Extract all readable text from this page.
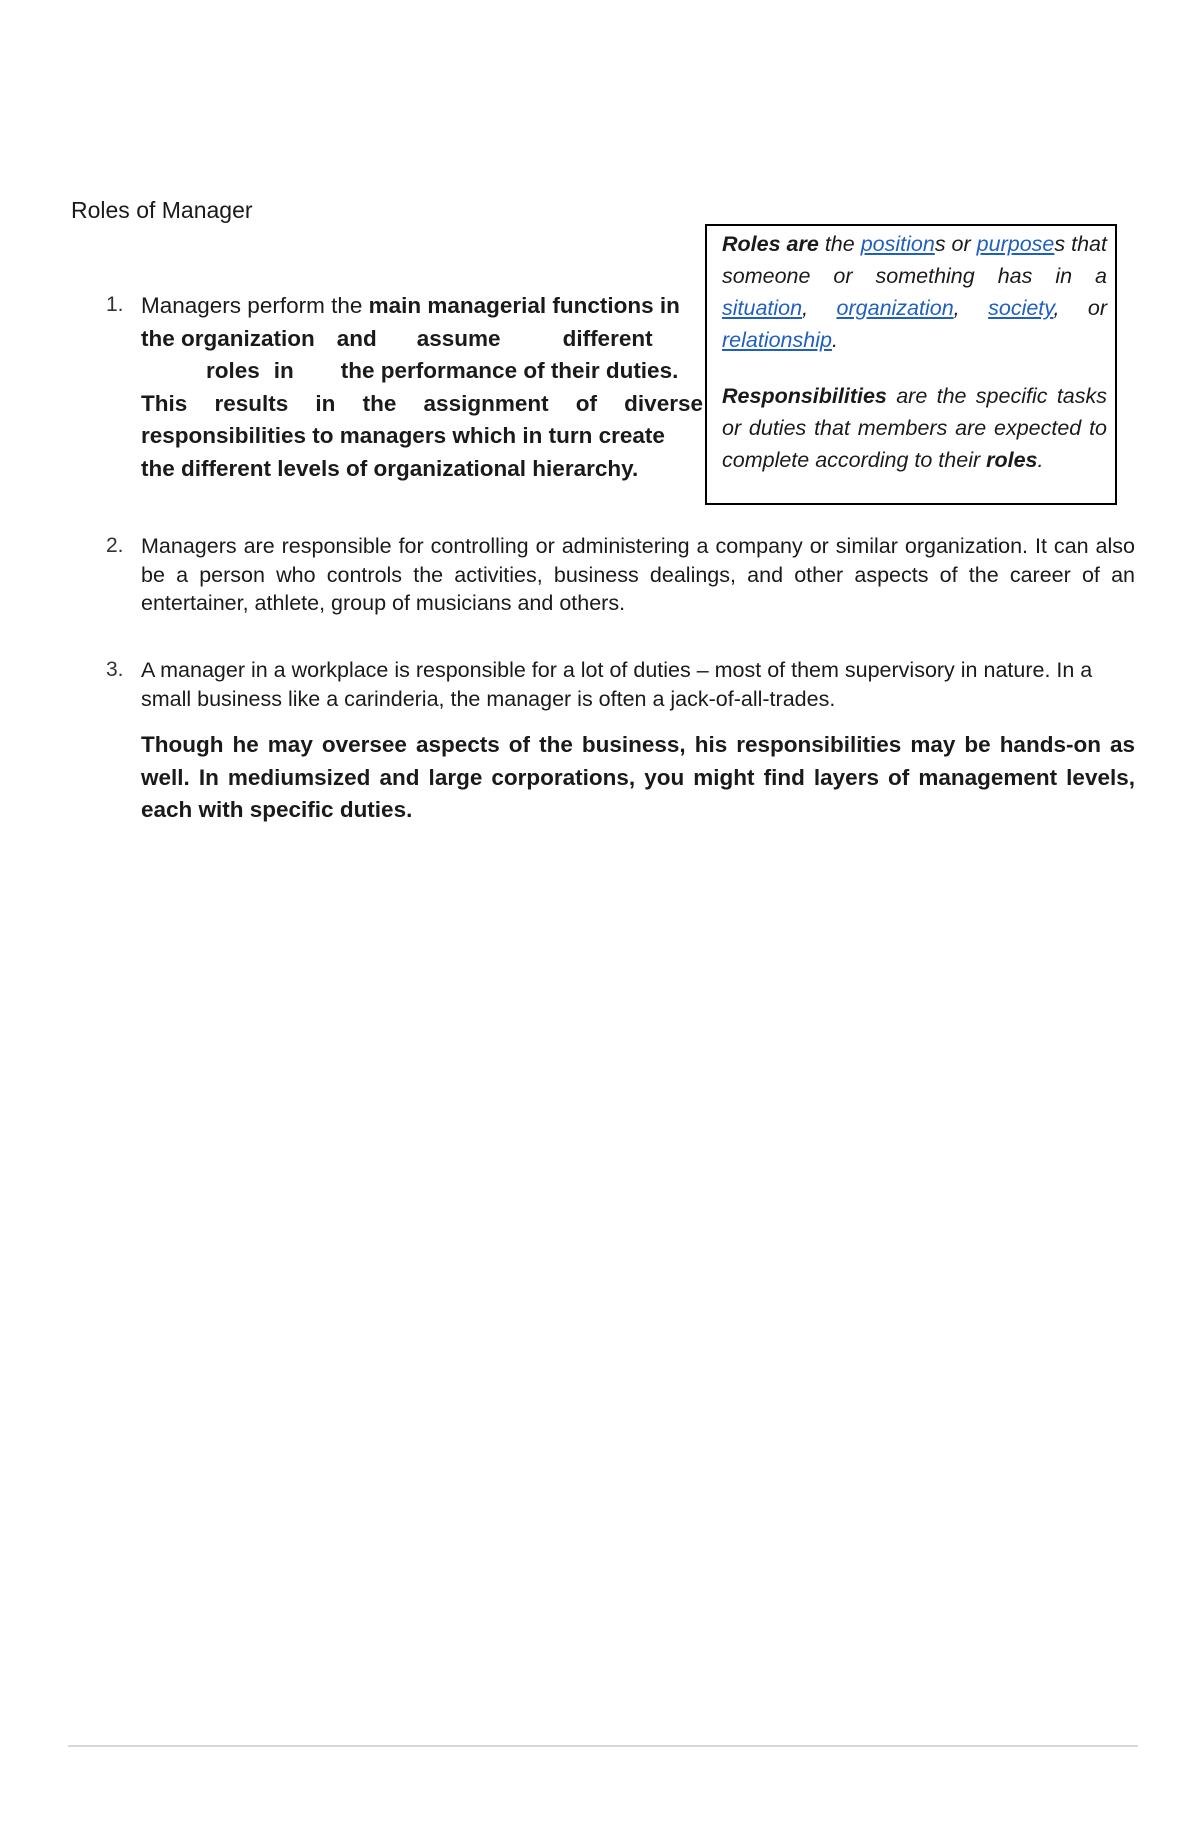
Roles of Manager
1. Managers perform the main managerial functions in
the organization and assume	different
roles in the performance of their duties.
This results in the assignment of diverse
responsibilities to managers which in turn create
the different levels of organizational hierarchy.

Roles are the positions or purposes that someone or something has in a situation, organization, society, or relationship.

Responsibilities are the specific tasks or duties that members are expected to complete according to their roles.

2. Managers are responsible for controlling or administering a company or similar organization. It can also be a person who controls the activities, business dealings, and other aspects of the career of an entertainer, athlete, group of musicians and others.
3. A manager in a workplace is responsible for a lot of duties – most of them supervisory in nature. In a small business like a carinderia, the manager is often a jack-of-all-trades.
Though he may oversee aspects of the business, his responsibilities may be hands-on as well. In mediumsized and large corporations, you might find layers of management levels, each with specific duties.
